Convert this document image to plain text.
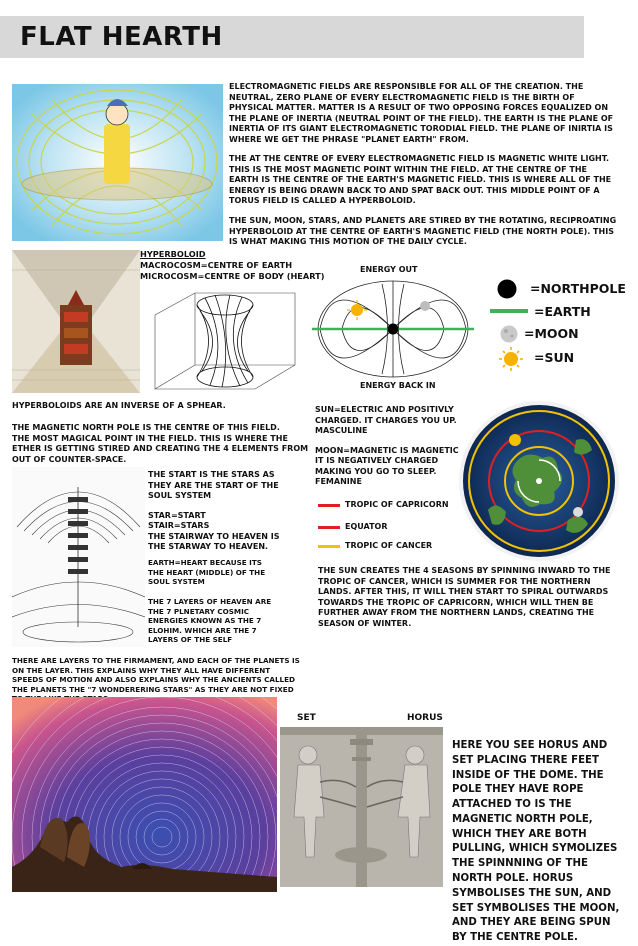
FLAT HEARTH

ELECTROMAGNETIC FIELDS ARE RESPONSIBLE FOR ALL OF THE CREATION. THE NEUTRAL, ZERO PLANE OF EVERY ELECTROMAGNETIC FIELD IS THE BIRTH OF PHYSICAL MATTER. MATTER IS A RESULT OF TWO OPPOSING FORCES EQUALIZED ON THE PLANE OF INERTIA (NEUTRAL POINT OF THE FIELD). THE EARTH IS THE PLANE OF INERTIA OF ITS GIANT ELECTROMAGNETIC TORODIAL FIELD. THE PLANE OF INIRTIA IS WHERE WE GET THE PHRASE "PLANET EARTH" FROM.

THE AT THE CENTRE OF EVERY ELECTROMAGNETIC FIELD IS MAGNETIC WHITE LIGHT. THIS IS THE MOST MAGNETIC POINT WITHIN THE FIELD. AT THE CENTRE OF THE EARTH IS THE CENTRE OF THE EARTH'S MAGNETIC FIELD. THIS IS WHERE ALL OF THE ENERGY IS BEING DRAWN BACK TO AND SPAT BACK OUT. THIS MIDDLE POINT OF A TORUS FIELD IS CALLED A HYPERBOLOID.

THE SUN, MOON, STARS, AND PLANETS ARE STIRED BY THE ROTATING, RECIPROATING HYPERBOLOID AT THE CENTRE OF EARTH'S MAGNETIC FIELD (THE NORTH POLE). THIS IS WHAT MAKING THIS MOTION OF THE DAILY CYCLE.

HYPERBOLOID

MACROCOSM=CENTRE OF EARTH

MICROCOSM=CENTRE OF BODY (HEART)

ENERGY OUT
ENERGY BACK IN
=NORTHPOLE
=EARTH
=MOON
=SUN
HYPERBOLOIDS ARE AN INVERSE OF A SPHEAR.

THE MAGNETIC NORTH POLE IS THE CENTRE OF THIS FIELD.

THE MOST MAGICAL POINT IN THE FIELD. THIS IS WHERE THE ETHER IS GETTING STIRED AND CREATING THE 4 ELEMENTS FROM OUT OF COUNTER-SPACE.

SUN=ELECTRIC AND POSITIVLY CHARGED. IT CHARGES YOU UP. MASCULINE

MOON=MAGNETIC IS MAGNETIC IT IS NEGATIVELY CHARGED MAKING YOU GO TO SLEEP.

FEMANINE

TROPIC OF CAPRICORN
EQUATOR
TROPIC OF CANCER

THE START IS THE STARS AS THEY ARE THE START OF THE SOUL SYSTEM

STAR=START

STAIR=STARS

THE STAIRWAY TO HEAVEN IS THE STARWAY TO HEAVEN.

EARTH=HEART BECAUSE ITS THE HEART (MIDDLE) OF THE SOUL SYSTEM
THE 7 LAYERS OF HEAVEN ARE THE 7 PLNETARY COSMIC ENERGIES KNOWN AS THE 7 ELOHIM. WHICH ARE THE 7 LAYERS OF THE SELF
THE SUN CREATES THE 4 SEASONS BY SPINNING INWARD TO THE TROPIC OF CANCER, WHICH IS SUMMER FOR THE NORTHERN LANDS. AFTER THIS, IT WILL THEN START TO SPIRAL OUTWARDS TOWARDS THE TROPIC OF CAPRICORN, WHICH WILL THEN BE FURTHER AWAY FROM THE NORTHERN LANDS, CREATING THE SEASON OF WINTER.
THERE ARE LAYERS TO THE FIRMAMENT, AND EACH OF THE PLANETS IS ON THE LAYER. THIS EXPLAINS WHY THEY ALL HAVE DIFFERENT SPEEDS OF MOTION AND ALSO EXPLAINS WHY THE ANCIENTS CALLED THE PLANETS THE "7 WONDERERING STARS" AS THEY ARE NOT FIXED
SET	HORUS
HERE YOU SEE HORUS AND SET PLACING THERE FEET INSIDE OF THE DOME. THE POLE THEY HAVE ROPE ATTACHED TO IS THE MAGNETIC NORTH POLE, WHICH THEY ARE BOTH PULLING, WHICH SYMOLIZES THE SPINNNING OF THE NORTH POLE. HORUS SYMBOLISES THE SUN, AND SET SYMBOLISES THE MOON, AND THEY ARE BEING SPUN BY THE CENTRE POLE.
